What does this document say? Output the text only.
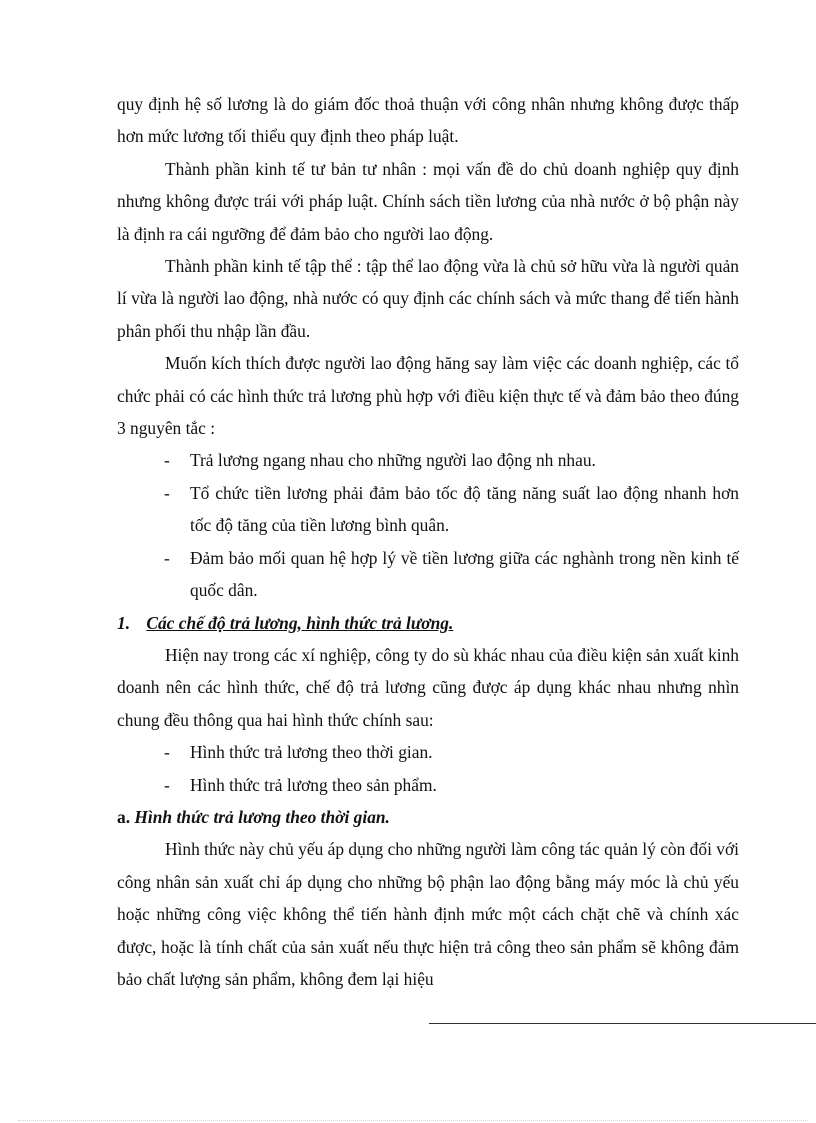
quy định hệ số lương là do giám đốc thoả thuận với công nhân nhưng không được thấp hơn mức lương tối thiểu quy định theo pháp luật.

Thành phần kinh tế tư bản tư nhân : mọi vấn đề do chủ doanh nghiệp quy định nhưng không được trái với pháp luật. Chính sách tiền lương của nhà nước ở bộ phận này là định ra cái ngưỡng để đảm bảo cho người lao động.

Thành phần kinh tế tập thể : tập thể lao động vừa là chủ sở hữu vừa là người quản lí vừa là người lao động, nhà nước có quy định các chính sách và mức thang để tiến hành phân phối thu nhập lần đầu.

Muốn kích thích được người lao động hăng say làm việc các doanh nghiệp, các tổ chức phải có các hình thức trả lương phù hợp với điều kiện thực tế và đảm bảo theo đúng 3 nguyên tắc :

- Trả lương ngang nhau cho những người lao động nh nhau.

- Tổ chức tiền lương phải đảm bảo tốc độ tăng năng suất lao động nhanh hơn tốc độ tăng của tiền lương bình quân.

- Đảm bảo mối quan hệ hợp lý về tiền lương giữa các nghành trong nền kinh tế quốc dân.

1. Các chế độ trả lương, hình thức trả lương.

Hiện nay trong các xí nghiệp, công ty do sù khác nhau của điều kiện sản xuất kinh doanh nên các hình thức, chế độ trả lương cũng được áp dụng khác nhau nhưng nhìn chung đều thông qua hai hình thức chính sau:

- Hình thức trả lương theo thời gian.

- Hình thức trả lương theo sản phẩm.

a. Hình thức trả lương theo thời gian.

Hình thức này chủ yếu áp dụng cho những người làm công tác quản lý còn đối với công nhân sản xuất chỉ áp dụng cho những bộ phận lao động bằng máy móc là chủ yếu hoặc những công việc không thể tiến hành định mức một cách chặt chẽ và chính xác được, hoặc là tính chất của sản xuất nếu thực hiện trả công theo sản phẩm sẽ không đảm bảo chất lượng sản phẩm, không đem lại hiệu
